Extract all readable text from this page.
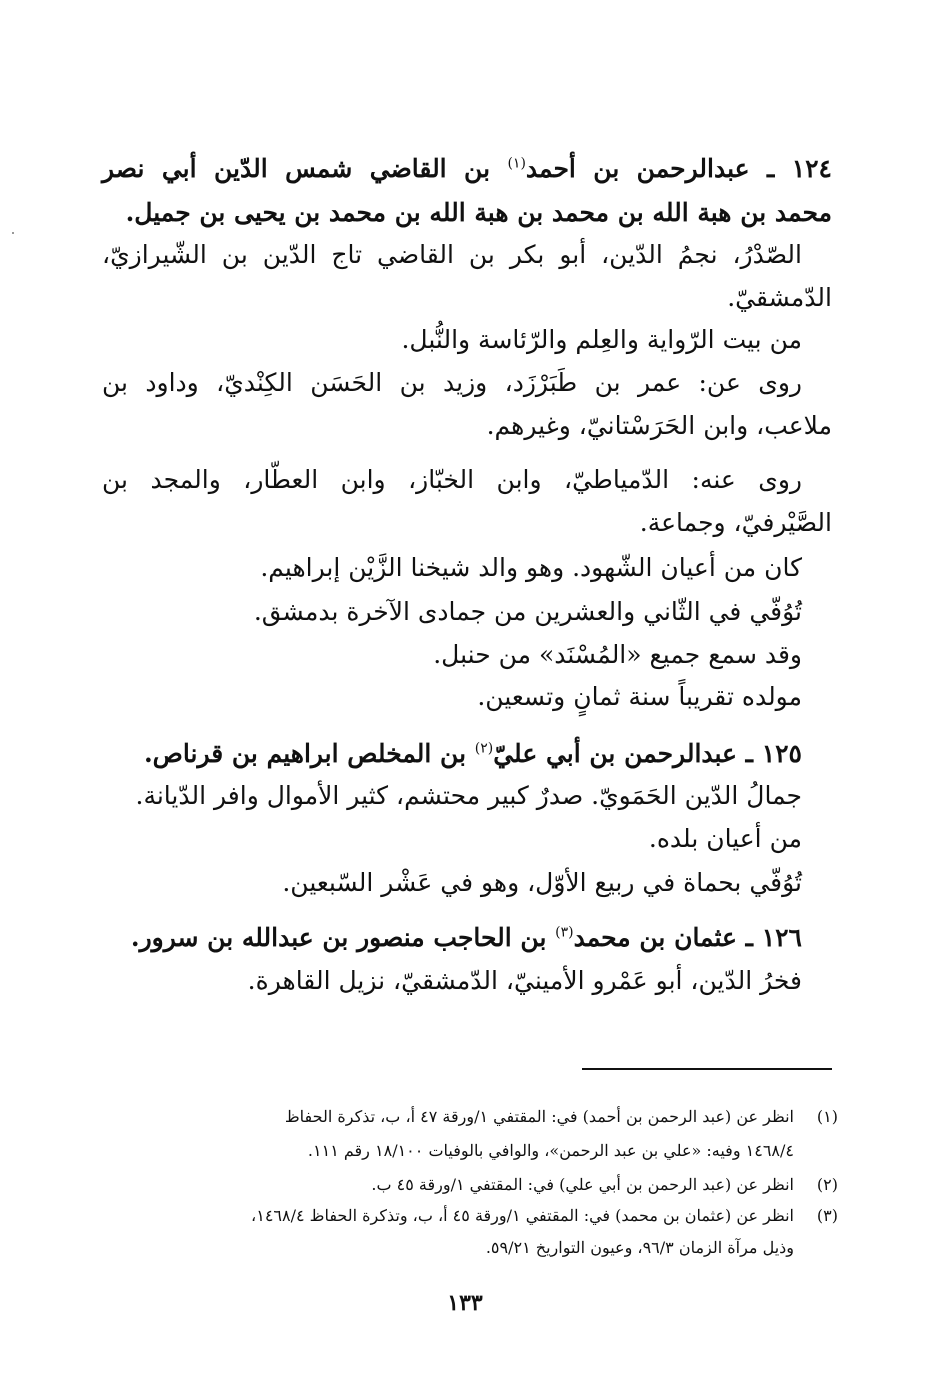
١٢٤ ـ عبدالرحمن بن أحمد$^{(١)}$ بن القاضي شمس الدّين أبي نصر
محمد بن هبة الله بن محمد بن هبة الله بن محمد بن يحيى بن جميل.
الصّدْرُ، نجمُ الدّين، أبو بكر بن القاضي تاج الدّين بن الشّيرازيّ،
الدّمشقيّ.
من بيت الرّواية والعِلم والرّئاسة والنُّبل.
روى عن: عمر بن طَبَرْزَد، وزيد بن الحَسَن الكِنْديّ، وداود بن
ملاعب، وابن الحَرَسْتانيّ، وغيرهم.
روى عنه: الدّمياطيّ، وابن الخبّاز، وابن العطّار، والمجد بن
الصَّيْرفيّ، وجماعة.
كان من أعيان الشّهود. وهو والد شيخنا الزَّيْن إبراهيم.
تُوُفّي في الثّاني والعشرين من جمادى الآخرة بدمشق.
وقد سمع جميع «المُسْنَد» من حنبل.
مولده تقريباً سنة ثمانٍ وتسعين.
١٢٥ ـ عبدالرحمن بن أبي عليّ$^{(٢)}$ بن المخلص ابراهيم بن قرناص.
جمالُ الدّين الحَمَويّ. صدرٌ كبير محتشم، كثير الأموال وافر الدّيانة.
من أعيان بلده.
تُوُفّي بحماة في ربيع الأوّل، وهو في عَشْر السّبعين.
١٢٦ ـ عثمان بن محمد$^{(٣)}$ بن الحاجب منصور بن عبدالله بن سرور.
فخرُ الدّين، أبو عَمْرو الأمينيّ، الدّمشقيّ، نزيل القاهرة.
(١)انظر عن (عبد الرحمن بن أحمد) في: المقتفي ١/ورقة ٤٧ أ، ب، تذكرة الحفاظ
١٤٦٨/٤ وفيه: «علي بن عبد الرحمن»، والوافي بالوفيات ١٨/١٠٠ رقم ١١١.
(٢)انظر عن (عبد الرحمن بن أبي علي) في: المقتفي ١/ورقة ٤٥ ب.
(٣)انظر عن (عثمان بن محمد) في: المقتفي ١/ورقة ٤٥ أ، ب، وتذكرة الحفاظ ١٤٦٨/٤،
وذيل مرآة الزمان ٩٦/٣، وعيون التواريخ ٥٩/٢١.
١٣٣
